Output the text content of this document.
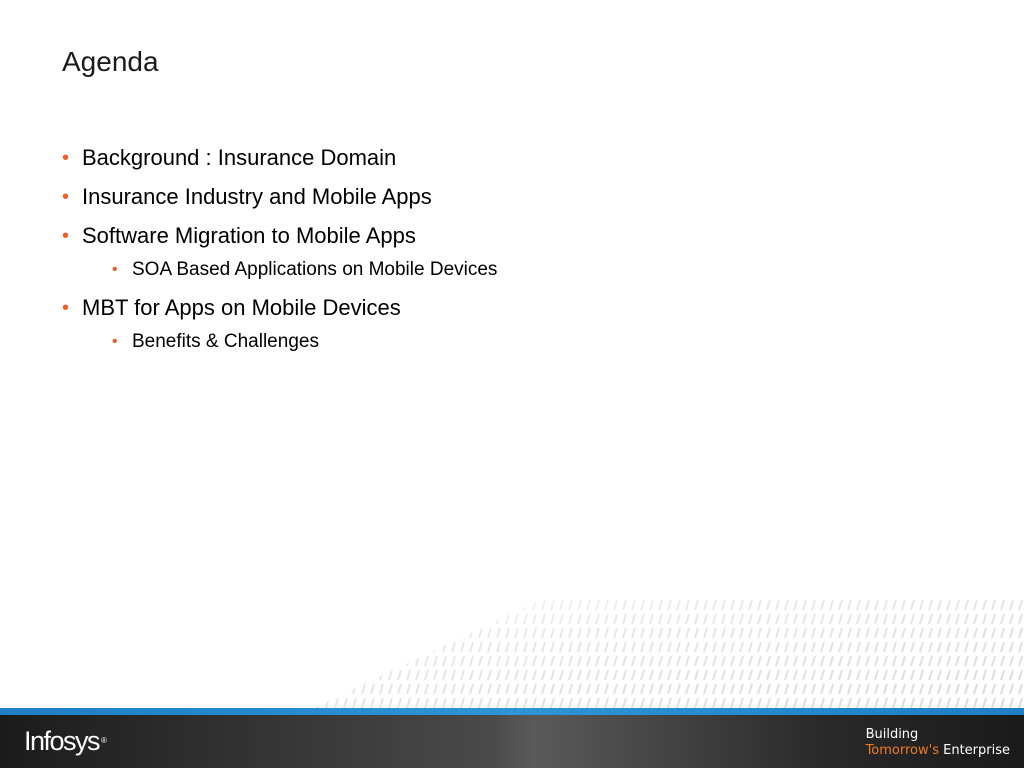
Agenda
• Background : Insurance Domain
• Insurance Industry and Mobile Apps
• Software Migration to Mobile Apps
• SOA Based Applications on Mobile Devices
• MBT for Apps on Mobile Devices
• Benefits & Challenges
Infosys ®	Building
Tomorrow's Enterprise
